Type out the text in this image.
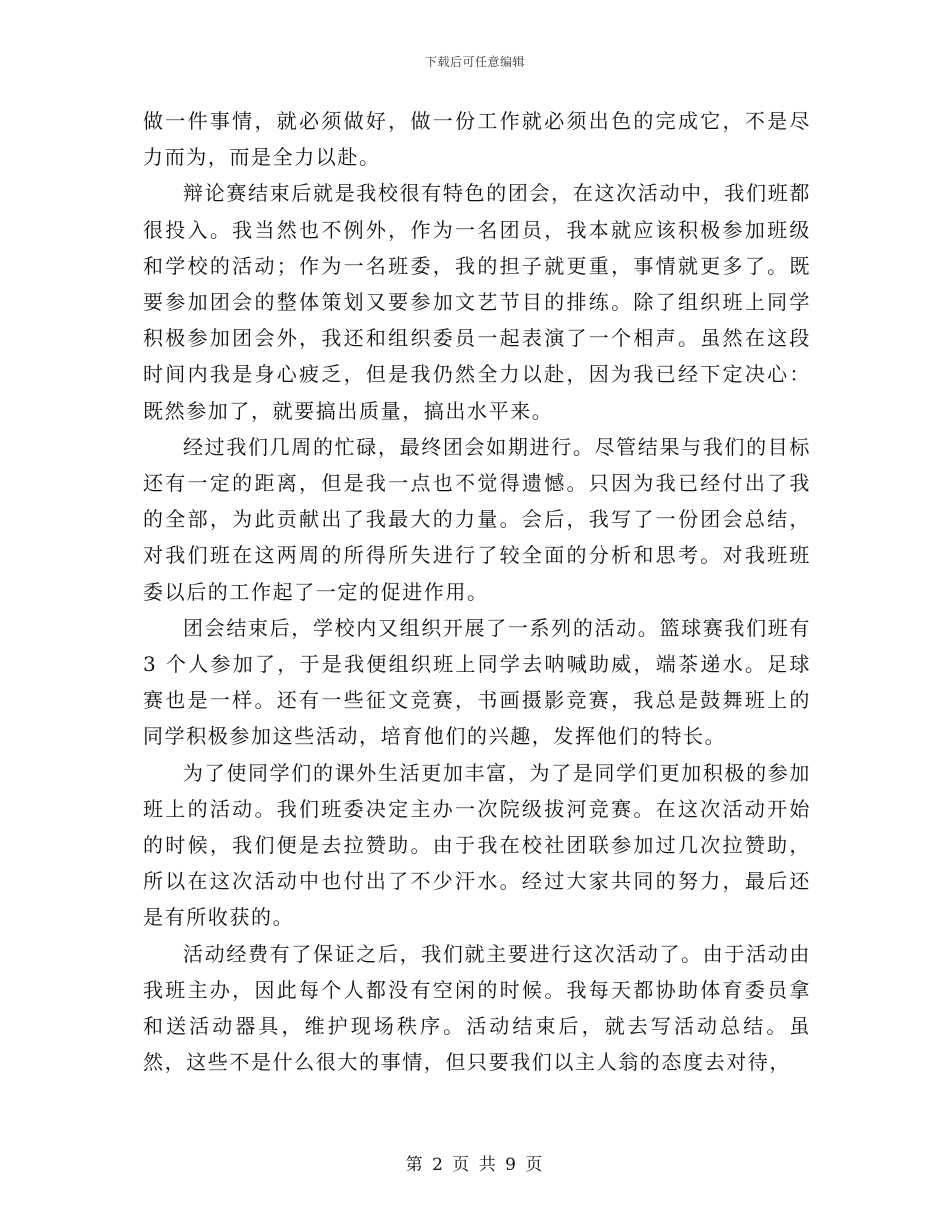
下载后可任意编辑

做一件事情，就必须做好，做一份工作就必须出色的完成它，不是尽力而为，而是全力以赴。

辩论赛结束后就是我校很有特色的团会，在这次活动中，我们班都很投入。我当然也不例外，作为一名团员，我本就应该积极参加班级和学校的活动；作为一名班委，我的担子就更重，事情就更多了。既要参加团会的整体策划又要参加文艺节目的排练。除了组织班上同学积极参加团会外，我还和组织委员一起表演了一个相声。虽然在这段时间内我是身心疲乏，但是我仍然全力以赴，因为我已经下定决心：既然参加了，就要搞出质量，搞出水平来。

经过我们几周的忙碌，最终团会如期进行。尽管结果与我们的目标还有一定的距离，但是我一点也不觉得遗憾。只因为我已经付出了我的全部，为此贡献出了我最大的力量。会后，我写了一份团会总结，对我们班在这两周的所得所失进行了较全面的分析和思考。对我班班委以后的工作起了一定的促进作用。

团会结束后，学校内又组织开展了一系列的活动。篮球赛我们班有 3 个人参加了，于是我便组织班上同学去呐喊助威，端茶递水。足球赛也是一样。还有一些征文竞赛，书画摄影竞赛，我总是鼓舞班上的同学积极参加这些活动，培育他们的兴趣，发挥他们的特长。

为了使同学们的课外生活更加丰富，为了是同学们更加积极的参加班上的活动。我们班委决定主办一次院级拔河竞赛。在这次活动开始的时候，我们便是去拉赞助。由于我在校社团联参加过几次拉赞助，所以在这次活动中也付出了不少汗水。经过大家共同的努力，最后还是有所收获的。

活动经费有了保证之后，我们就主要进行这次活动了。由于活动由我班主办，因此每个人都没有空闲的时候。我每天都协助体育委员拿和送活动器具，维护现场秩序。活动结束后，就去写活动总结。虽然，这些不是什么很大的事情，但只要我们以主人翁的态度去对待，

第 2 页 共 9 页
